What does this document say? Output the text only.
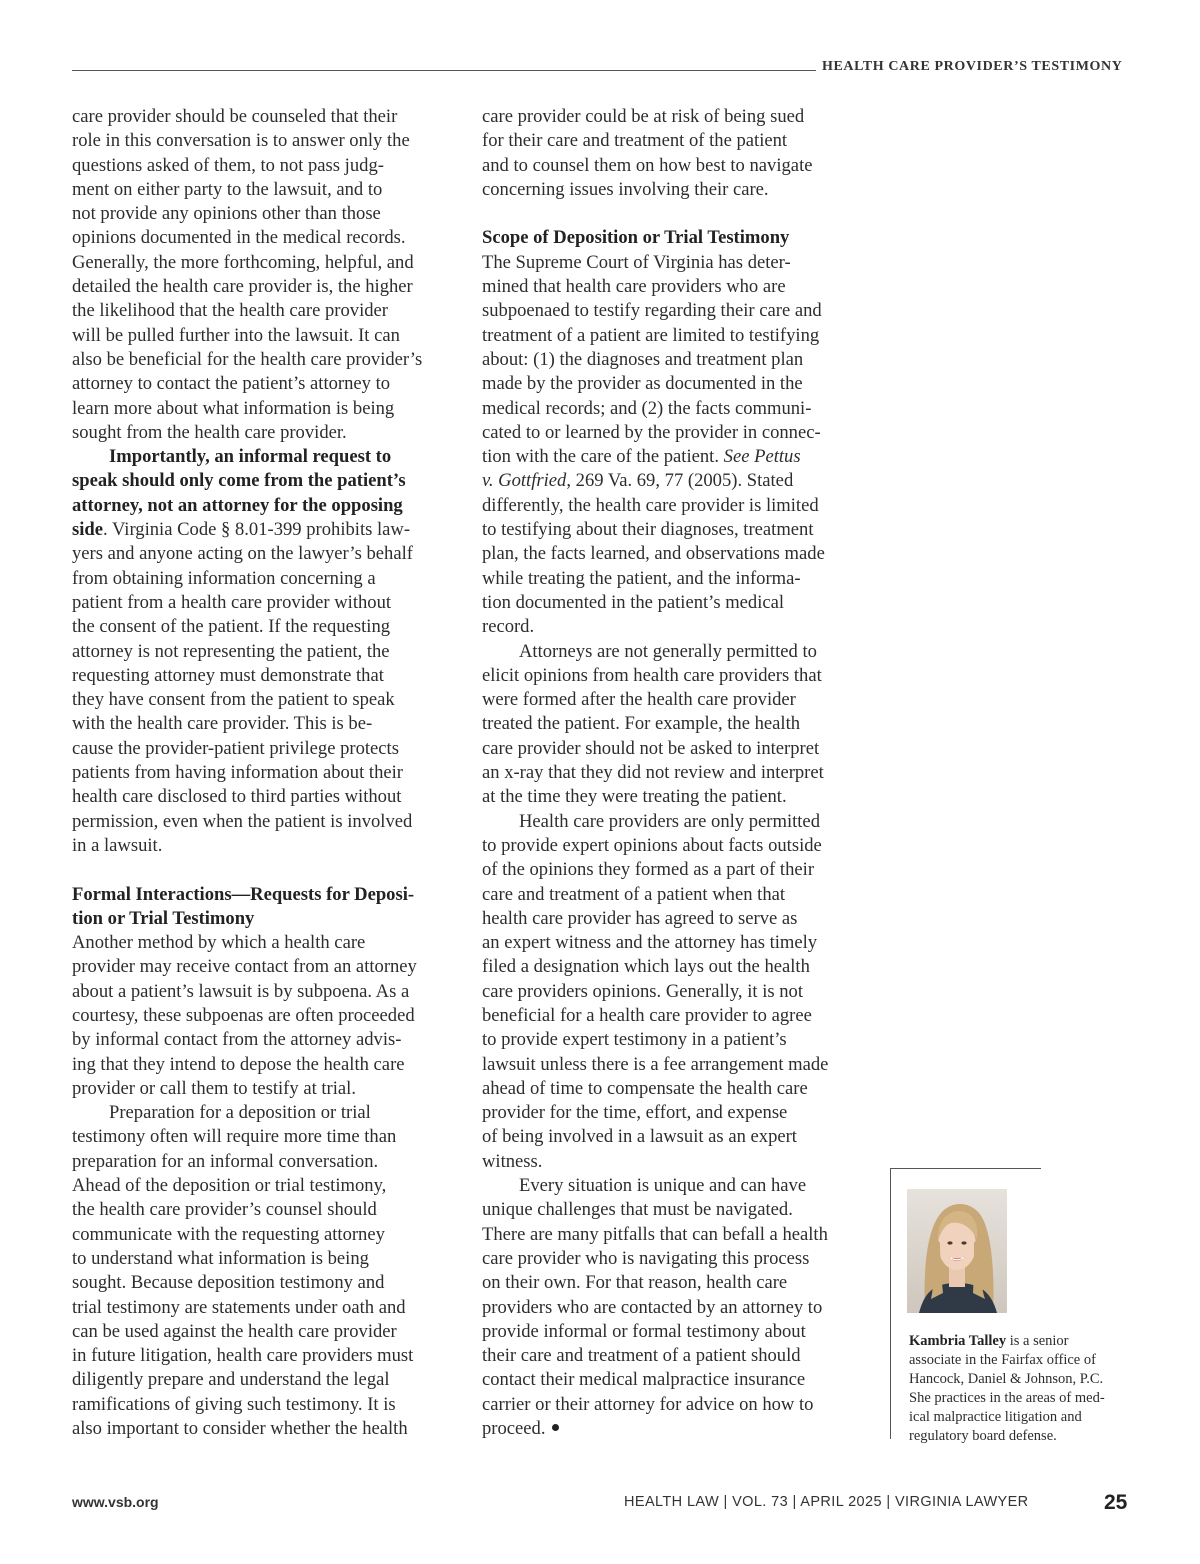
HEALTH CARE PROVIDER’S TESTIMONY
care provider should be counseled that their
role in this conversation is to answer only the
questions asked of them, to not pass judg-
ment on either party to the lawsuit, and to
not provide any opinions other than those
opinions documented in the medical records.
Generally, the more forthcoming, helpful, and
detailed the health care provider is, the higher
the likelihood that the health care provider
will be pulled further into the lawsuit. It can
also be beneficial for the health care provider’s
attorney to contact the patient’s attorney to
learn more about what information is being
sought from the health care provider.
Importantly, an informal request to
speak should only come from the patient’s
attorney, not an attorney for the opposing
side. Virginia Code § 8.01-399 prohibits law-
yers and anyone acting on the lawyer’s behalf
from obtaining information concerning a
patient from a health care provider without
the consent of the patient. If the requesting
attorney is not representing the patient, the
requesting attorney must demonstrate that
they have consent from the patient to speak
with the health care provider. This is be-
cause the provider-patient privilege protects
patients from having information about their
health care disclosed to third parties without
permission, even when the patient is involved
in a lawsuit.
Formal Interactions—Requests for Deposi-
tion or Trial Testimony
Another method by which a health care
provider may receive contact from an attorney
about a patient’s lawsuit is by subpoena. As a
courtesy, these subpoenas are often proceeded
by informal contact from the attorney advis-
ing that they intend to depose the health care
provider or call them to testify at trial.
Preparation for a deposition or trial
testimony often will require more time than
preparation for an informal conversation.
Ahead of the deposition or trial testimony,
the health care provider’s counsel should
communicate with the requesting attorney
to understand what information is being
sought. Because deposition testimony and
trial testimony are statements under oath and
can be used against the health care provider
in future litigation, health care providers must
diligently prepare and understand the legal
ramifications of giving such testimony. It is
also important to consider whether the health
care provider could be at risk of being sued
for their care and treatment of the patient
and to counsel them on how best to navigate
concerning issues involving their care.
Scope of Deposition or Trial Testimony
The Supreme Court of Virginia has deter-
mined that health care providers who are
subpoenaed to testify regarding their care and
treatment of a patient are limited to testifying
about: (1) the diagnoses and treatment plan
made by the provider as documented in the
medical records; and (2) the facts communi-
cated to or learned by the provider in connec-
tion with the care of the patient. See Pettus
v. Gottfried, 269 Va. 69, 77 (2005). Stated
differently, the health care provider is limited
to testifying about their diagnoses, treatment
plan, the facts learned, and observations made
while treating the patient, and the informa-
tion documented in the patient’s medical
record.
Attorneys are not generally permitted to
elicit opinions from health care providers that
were formed after the health care provider
treated the patient. For example, the health
care provider should not be asked to interpret
an x-ray that they did not review and interpret
at the time they were treating the patient.
Health care providers are only permitted
to provide expert opinions about facts outside
of the opinions they formed as a part of their
care and treatment of a patient when that
health care provider has agreed to serve as
an expert witness and the attorney has timely
filed a designation which lays out the health
care providers opinions. Generally, it is not
beneficial for a health care provider to agree
to provide expert testimony in a patient’s
lawsuit unless there is a fee arrangement made
ahead of time to compensate the health care
provider for the time, effort, and expense
of being involved in a lawsuit as an expert
witness.
Every situation is unique and can have
unique challenges that must be navigated.
There are many pitfalls that can befall a health
care provider who is navigating this process
on their own. For that reason, health care
providers who are contacted by an attorney to
provide informal or formal testimony about
their care and treatment of a patient should
contact their medical malpractice insurance
carrier or their attorney for advice on how to
proceed.
Kambria Talley is a senior
associate in the Fairfax office of
Hancock, Daniel & Johnson, P.C.
She practices in the areas of med-
ical malpractice litigation and
regulatory board defense.
www.vsb.org	HEALTH LAW | VOL. 73 | APRIL 2025 | VIRGINIA LAWYER	25
